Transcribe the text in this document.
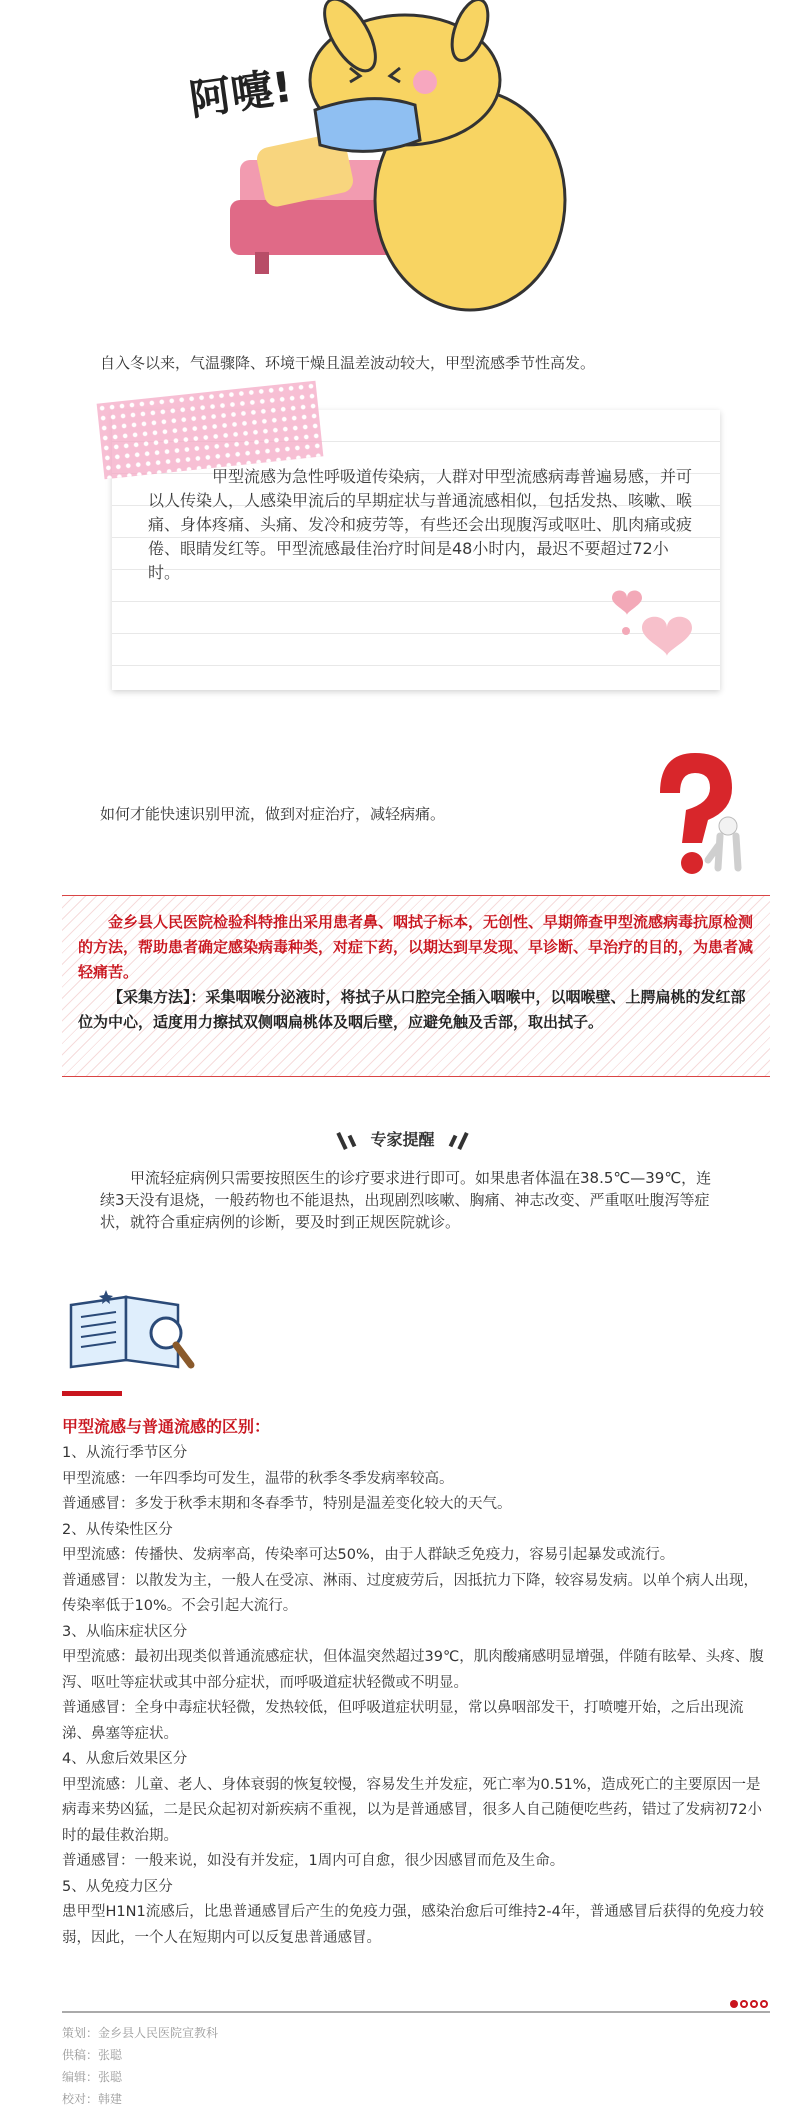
阿嚏!
自入冬以来，气温骤降、环境干燥且温差波动较大，甲型流感季节性高发。
甲型流感为急性呼吸道传染病，人群对甲型流感病毒普遍易感，并可以人传染人，人感染甲流后的早期症状与普通流感相似，包括发热、咳嗽、喉痛、身体疼痛、头痛、发冷和疲劳等，有些还会出现腹泻或呕吐、肌肉痛或疲倦、眼睛发红等。甲型流感最佳治疗时间是48小时内，最迟不要超过72小时。
如何才能快速识别甲流，做到对症治疗，减轻病痛。
金乡县人民医院检验科特推出采用患者鼻、咽拭子标本，无创性、早期筛查甲型流感病毒抗原检测的方法，帮助患者确定感染病毒种类，对症下药，以期达到早发现、早诊断、早治疗的目的，为患者减轻痛苦。
【采集方法】：采集咽喉分泌液时，将拭子从口腔完全插入咽喉中，以咽喉壁、上腭扁桃的发红部位为中心，适度用力擦拭双侧咽扁桃体及咽后壁，应避免触及舌部，取出拭子。
专家提醒
甲流轻症病例只需要按照医生的诊疗要求进行即可。如果患者体温在38.5℃—39℃，连续3天没有退烧，一般药物也不能退热，出现剧烈咳嗽、胸痛、神志改变、严重呕吐腹泻等症状，就符合重症病例的诊断，要及时到正规医院就诊。
甲型流感与普通流感的区别：
1、从流行季节区分
甲型流感：一年四季均可发生，温带的秋季冬季发病率较高。
普通感冒：多发于秋季末期和冬春季节，特别是温差变化较大的天气。
2、从传染性区分
甲型流感：传播快、发病率高，传染率可达50%，由于人群缺乏免疫力，容易引起暴发或流行。
普通感冒：以散发为主，一般人在受凉、淋雨、过度疲劳后，因抵抗力下降，较容易发病。以单个病人出现，传染率低于10%。不会引起大流行。
3、从临床症状区分
甲型流感：最初出现类似普通流感症状，但体温突然超过39℃，肌肉酸痛感明显增强，伴随有眩晕、头疼、腹泻、呕吐等症状或其中部分症状，而呼吸道症状轻微或不明显。
普通感冒：全身中毒症状轻微，发热较低，但呼吸道症状明显，常以鼻咽部发干，打喷嚏开始，之后出现流涕、鼻塞等症状。
4、从愈后效果区分
甲型流感：儿童、老人、身体衰弱的恢复较慢，容易发生并发症，死亡率为0.51%，造成死亡的主要原因一是病毒来势凶猛，二是民众起初对新疾病不重视，以为是普通感冒，很多人自己随便吃些药，错过了发病初72小时的最佳救治期。
普通感冒：一般来说，如没有并发症，1周内可自愈，很少因感冒而危及生命。
5、从免疫力区分
患甲型H1N1流感后，比患普通感冒后产生的免疫力强，感染治愈后可维持2-4年，普通感冒后获得的免疫力较弱，因此，一个人在短期内可以反复患普通感冒。
策划：金乡县人民医院宣教科
供稿：张聪
编辑：张聪
校对：韩建
